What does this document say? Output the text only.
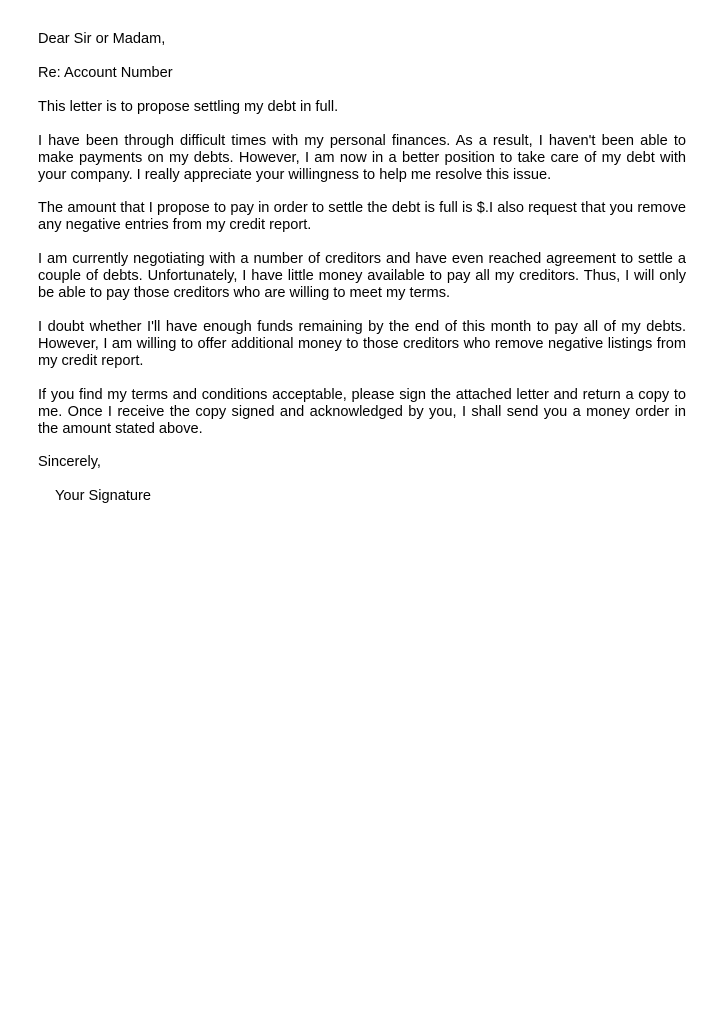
Dear Sir or Madam,

Re: Account Number

This letter is to propose settling my debt in full.

I have been through difficult times with my personal finances. As a result, I haven't been able to make payments on my debts. However, I am now in a better position to take care of my debt with your company. I really appreciate your willingness to help me resolve this issue.

The amount that I propose to pay in order to settle the debt is full is $.I also request that you remove any negative entries from my credit report.

I am currently negotiating with a number of creditors and have even reached agreement to settle a couple of debts. Unfortunately, I have little money available to pay all my creditors. Thus, I will only be able to pay those creditors who are willing to meet my terms.

I doubt whether I'll have enough funds remaining by the end of this month to pay all of my debts. However, I am willing to offer additional money to those creditors who remove negative listings from my credit report.

If you find my terms and conditions acceptable, please sign the attached letter and return a copy to me. Once I receive the copy signed and acknowledged by you, I shall send you a money order in the amount stated above.

Sincerely,

Your Signature
